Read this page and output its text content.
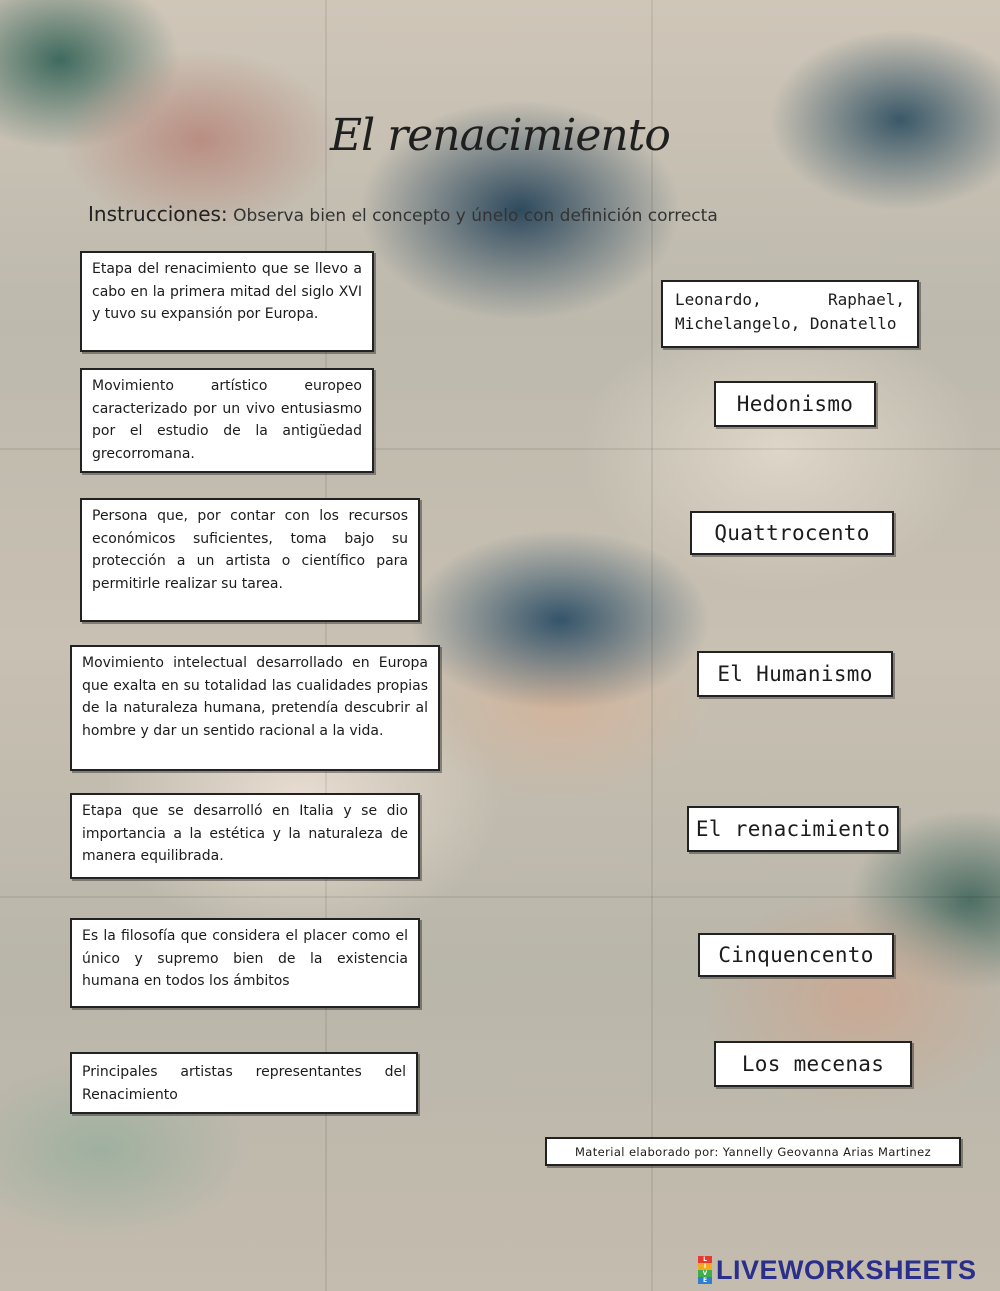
El renacimiento
Instrucciones: Observa bien el concepto y únelo con definición correcta
Etapa del renacimiento que se llevo a cabo en la primera mitad del siglo XVI y tuvo su expansión por Europa.
Movimiento artístico europeo caracterizado por un vivo entusiasmo por el estudio de la antigüedad grecorromana.
Persona que, por contar con los recursos económicos suficientes, toma bajo su protección a un artista o científico para permitirle realizar su tarea.
Movimiento intelectual desarrollado en Europa que exalta en su totalidad las cualidades propias de la naturaleza humana, pretendía descubrir al hombre y dar un sentido racional a la vida.
Etapa que se desarrolló en Italia y se dio importancia a la estética y la naturaleza de manera equilibrada.
Es la filosofía que considera el placer como el único y supremo bien de la existencia humana en todos los ámbitos
Principales artistas representantes del Renacimiento
Leonardo, Raphael, Michelangelo, Donatello
Hedonismo
Quattrocento
El Humanismo
El renacimiento
Cinquencento
Los mecenas
Material elaborado por: Yannelly Geovanna Arias Martinez
L
I
V
E LIVEWORKSHEETS
